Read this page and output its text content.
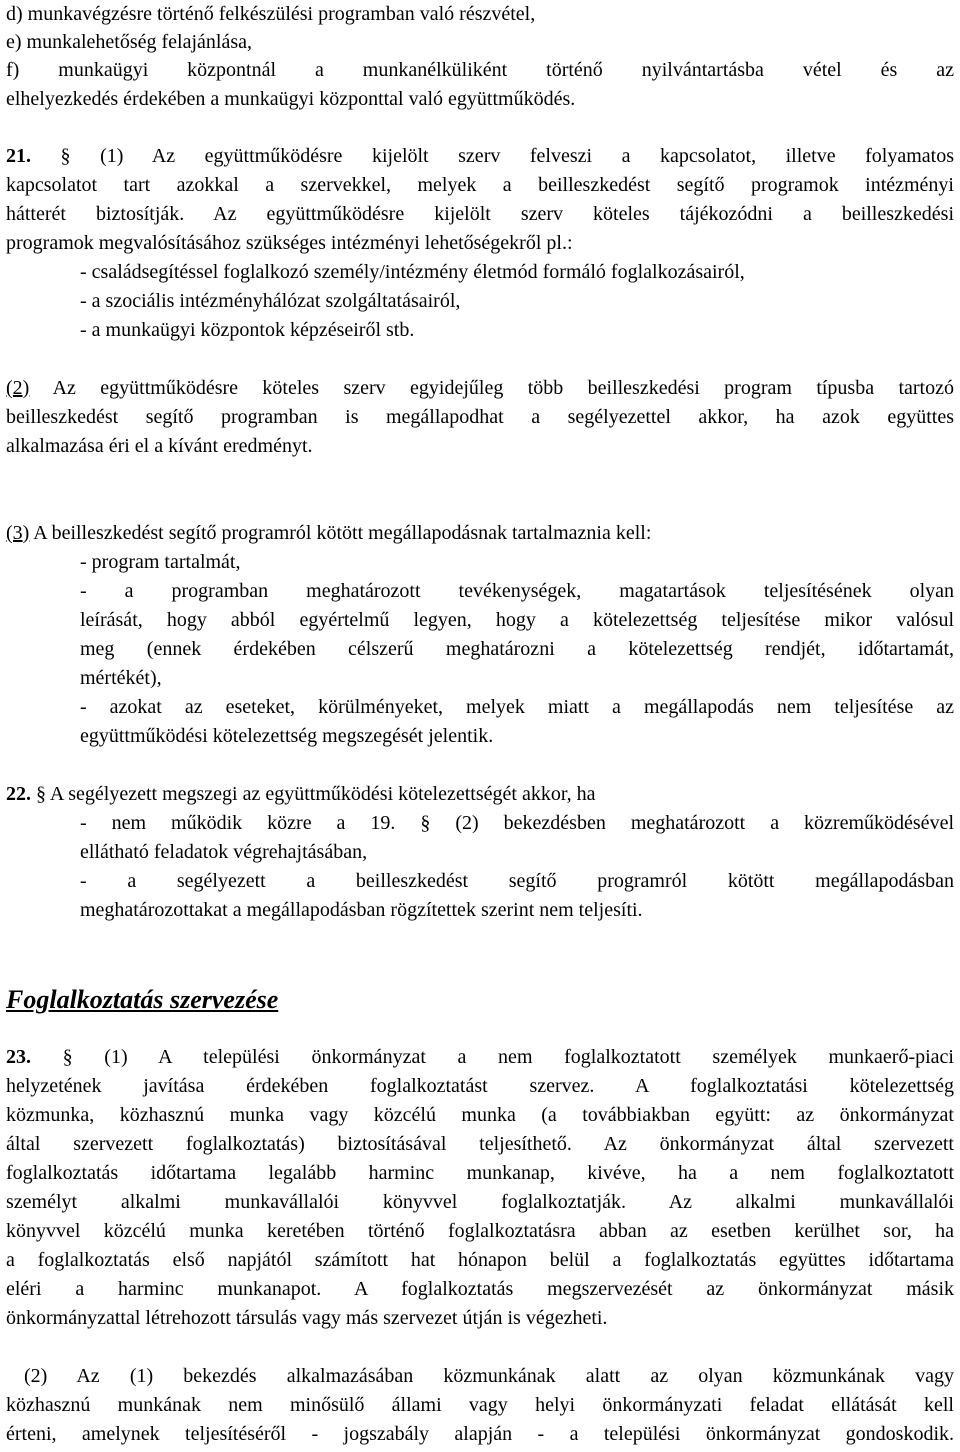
d) munkavégzésre történő felkészülési programban való részvétel,
e) munkalehetőség felajánlása,
f) munkaügyi központnál a munkanélküliként történő nyilvántartásba vétel és az
elhelyezkedés érdekében a munkaügyi központtal való együttműködés.
21. § (1) Az együttműködésre kijelölt szerv felveszi a kapcsolatot, illetve folyamatos
kapcsolatot tart azokkal a szervekkel, melyek a beilleszkedést segítő programok intézményi
hátterét biztosítják. Az együttműködésre kijelölt szerv köteles tájékozódni a beilleszkedési
programok megvalósításához szükséges intézményi lehetőségekről pl.:
- családsegítéssel foglalkozó személy/intézmény életmód formáló foglalkozásairól,
- a szociális intézményhálózat szolgáltatásairól,
- a munkaügyi központok képzéseiről stb.
(2) Az együttműködésre köteles szerv egyidejűleg több beilleszkedési program típusba tartozó
beilleszkedést segítő programban is megállapodhat a segélyezettel akkor, ha azok együttes
alkalmazása éri el a kívánt eredményt.
(3) A beilleszkedést segítő programról kötött megállapodásnak tartalmaznia kell:
- program tartalmát,
- a programban meghatározott tevékenységek, magatartások teljesítésének olyan
leírását, hogy abból egyértelmű legyen, hogy a kötelezettség teljesítése mikor valósul
meg (ennek érdekében célszerű meghatározni a kötelezettség rendjét, időtartamát,
mértékét),
- azokat az eseteket, körülményeket, melyek miatt a megállapodás nem teljesítése az
együttműködési kötelezettség megszegését jelentik.
22. § A segélyezett megszegi az együttműködési kötelezettségét akkor, ha
- nem működik közre a 19. § (2) bekezdésben meghatározott a közreműködésével
ellátható feladatok végrehajtásában,
- a segélyezett a beilleszkedést segítő programról kötött megállapodásban
meghatározottakat a megállapodásban rögzítettek szerint nem teljesíti.
Foglalkoztatás szervezése
23. § (1) A települési önkormányzat a nem foglalkoztatott személyek munkaerő-piaci
helyzetének javítása érdekében foglalkoztatást szervez. A foglalkoztatási kötelezettség
közmunka, közhasznú munka vagy közcélú munka (a továbbiakban együtt: az önkormányzat
által szervezett foglalkoztatás) biztosításával teljesíthető. Az önkormányzat által szervezett
foglalkoztatás időtartama legalább harminc munkanap, kivéve, ha a nem foglalkoztatott
személyt alkalmi munkavállalói könyvvel foglalkoztatják. Az alkalmi munkavállalói
könyvvel közcélú munka keretében történő foglalkoztatásra abban az esetben kerülhet sor, ha
a foglalkoztatás első napjától számított hat hónapon belül a foglalkoztatás együttes időtartama
eléri a harminc munkanapot. A foglalkoztatás megszervezését az önkormányzat másik
önkormányzattal létrehozott társulás vagy más szervezet útján is végezheti.
(2) Az (1) bekezdés alkalmazásában közmunkának alatt az olyan közmunkának vagy
közhasznú munkának nem minősülő állami vagy helyi önkormányzati feladat ellátását kell
érteni, amelynek teljesítéséről - jogszabály alapján - a települési önkormányzat gondoskodik.
